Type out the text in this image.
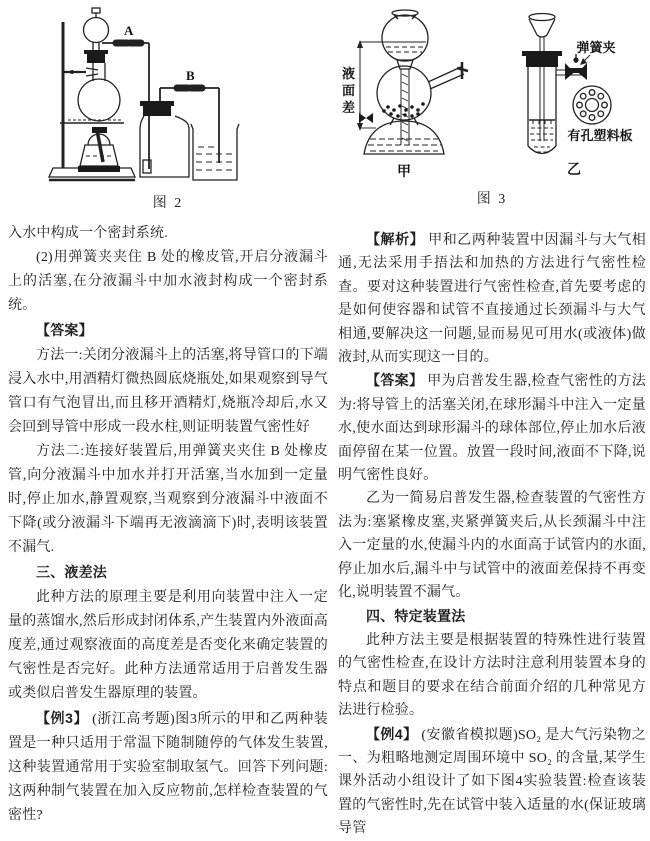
A
B
图 2

入水中构成一个密封系统.

(2)用弹簧夹夹住 B 处的橡皮管,开启分液漏斗上的活塞,在分液漏斗中加水液封构成一个密封系统。

【答案】

方法一:关闭分液漏斗上的活塞,将导管口的下端浸入水中,用酒精灯微热圆底烧瓶处,如果观察到导气管口有气泡冒出,而且移开酒精灯,烧瓶冷却后,水又会回到导管中形成一段水柱,则证明装置气密性好

方法二:连接好装置后,用弹簧夹夹住 B 处橡皮管,向分液漏斗中加水并打开活塞,当水加到一定量时,停止加水,静置观察,当观察到分液漏斗中液面不下降(或分液漏斗下端再无液滴滴下)时,表明该装置不漏气.

三、液差法

此种方法的原理主要是利用向装置中注入一定量的蒸馏水,然后形成封闭体系,产生装置内外液面高度差,通过观察液面的高度差是否变化来确定装置的气密性是否完好。此种方法通常适用于启普发生器或类似启普发生器原理的装置。

【例3】 (浙江高考题)图3所示的甲和乙两种装置是一种只适用于常温下随制随停的气体发生装置,这种装置通常用于实验室制取氢气。回答下列问题:这两种制气装置在加入反应物前,怎样检查装置的气密性?

液
面
差
甲
弹簧夹
有孔塑料板
乙
图 3

【解析】 甲和乙两种装置中因漏斗与大气相通,无法采用手捂法和加热的方法进行气密性检查。要对这种装置进行气密性检查,首先要考虑的是如何使容器和试管不直接通过长颈漏斗与大气相通,要解决这一问题,显而易见可用水(或液体)做液封,从而实现这一目的。

【答案】 甲为启普发生器,检查气密性的方法为:将导管上的活塞关闭,在球形漏斗中注入一定量水,使水面达到球形漏斗的球体部位,停止加水后液面停留在某一位置。放置一段时间,液面不下降,说明气密性良好。

乙为一简易启普发生器,检查装置的气密性方法为:塞紧橡皮塞,夹紧弹簧夹后,从长颈漏斗中注入一定量的水,使漏斗内的水面高于试管内的水面,停止加水后,漏斗中与试管中的液面差保持不再变化,说明装置不漏气。

四、特定装置法

此种方法主要是根据装置的特殊性进行装置的气密性检查,在设计方法时注意利用装置本身的特点和题目的要求在结合前面介绍的几种常见方法进行检验。

【例4】 (安徽省模拟题)SO₂ 是大气污染物之一、为粗略地测定周围环境中 SO₂ 的含量,某学生课外活动小组设计了如下图4实验装置:检查该装置的气密性时,先在试管中装入适量的水(保证玻璃导管
